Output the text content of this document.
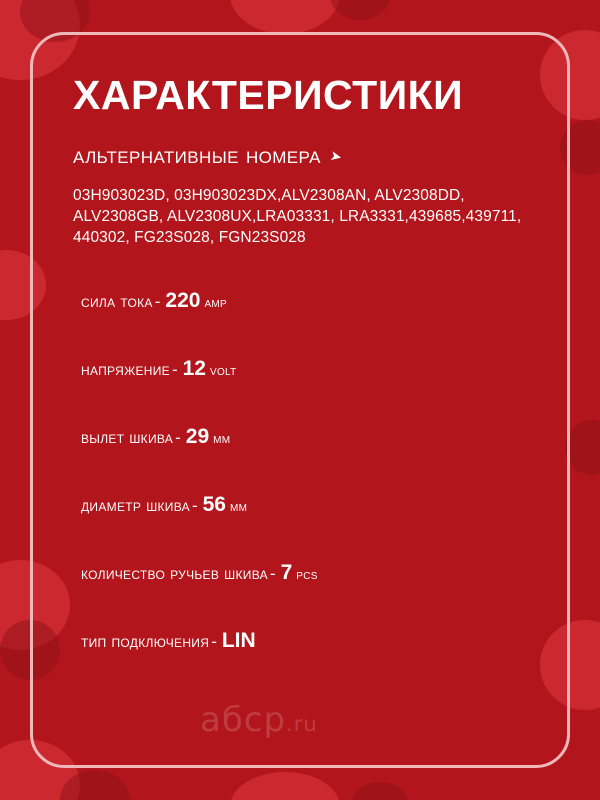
ХАРАКТЕРИСТИКИ
альтернативные номера ➤
03H903023D, 03H903023DX,ALV2308AN, ALV2308DD, ALV2308GB, ALV2308UX,LRA03331, LRA3331,439685,439711, 440302, FG23S028, FGN23S028
сила тока - 220 amp
напряжение - 12 volt
вылет шкива - 29 мм
диаметр шкива - 56 мм
количество ручьев шкива - 7 pcs
тип подключения - LIN
абср.ru
